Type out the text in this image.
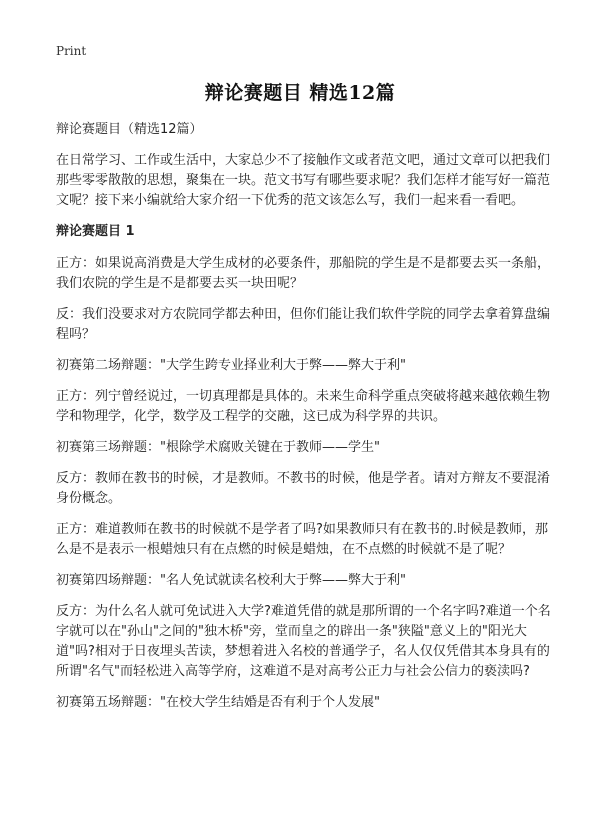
Print
辩论赛题目 精选12篇

辩论赛题目（精选12篇）

在日常学习、工作或生活中，大家总少不了接触作文或者范文吧，通过文章可以把我们那些零零散散的思想，聚集在一块。范文书写有哪些要求呢？我们怎样才能写好一篇范文呢？接下来小编就给大家介绍一下优秀的范文该怎么写，我们一起来看一看吧。

辩论赛题目 1

正方：如果说高消费是大学生成材的必要条件，那船院的学生是不是都要去买一条船，我们农院的学生是不是都要去买一块田呢？

反：我们没要求对方农院同学都去种田，但你们能让我们软件学院的同学去拿着算盘编程吗？

初赛第二场辩题："大学生跨专业择业利大于弊——弊大于利"

正方：列宁曾经说过，一切真理都是具体的。未来生命科学重点突破将越来越依赖生物学和物理学，化学，数学及工程学的交融，这已成为科学界的共识。

初赛第三场辩题："根除学术腐败关键在于教师——学生"

反方：教师在教书的时候，才是教师。不教书的时候，他是学者。请对方辩友不要混淆身份概念。

正方：难道教师在教书的时候就不是学者了吗?如果教师只有在教书的.时候是教师，那么是不是表示一根蜡烛只有在点燃的时候是蜡烛，在不点燃的时候就不是了呢？

初赛第四场辩题："名人免试就读名校利大于弊——弊大于利"

反方：为什么名人就可免试进入大学?难道凭借的就是那所谓的一个名字吗?难道一个名字就可以在"孙山"之间的"独木桥"旁，堂而皇之的辟出一条"狭隘"意义上的"阳光大道"吗?相对于日夜埋头苦读，梦想着进入名校的普通学子，名人仅仅凭借其本身具有的所谓"名气"而轻松进入高等学府，这难道不是对高考公正力与社会公信力的亵渎吗?

初赛第五场辩题："在校大学生结婚是否有利于个人发展"
